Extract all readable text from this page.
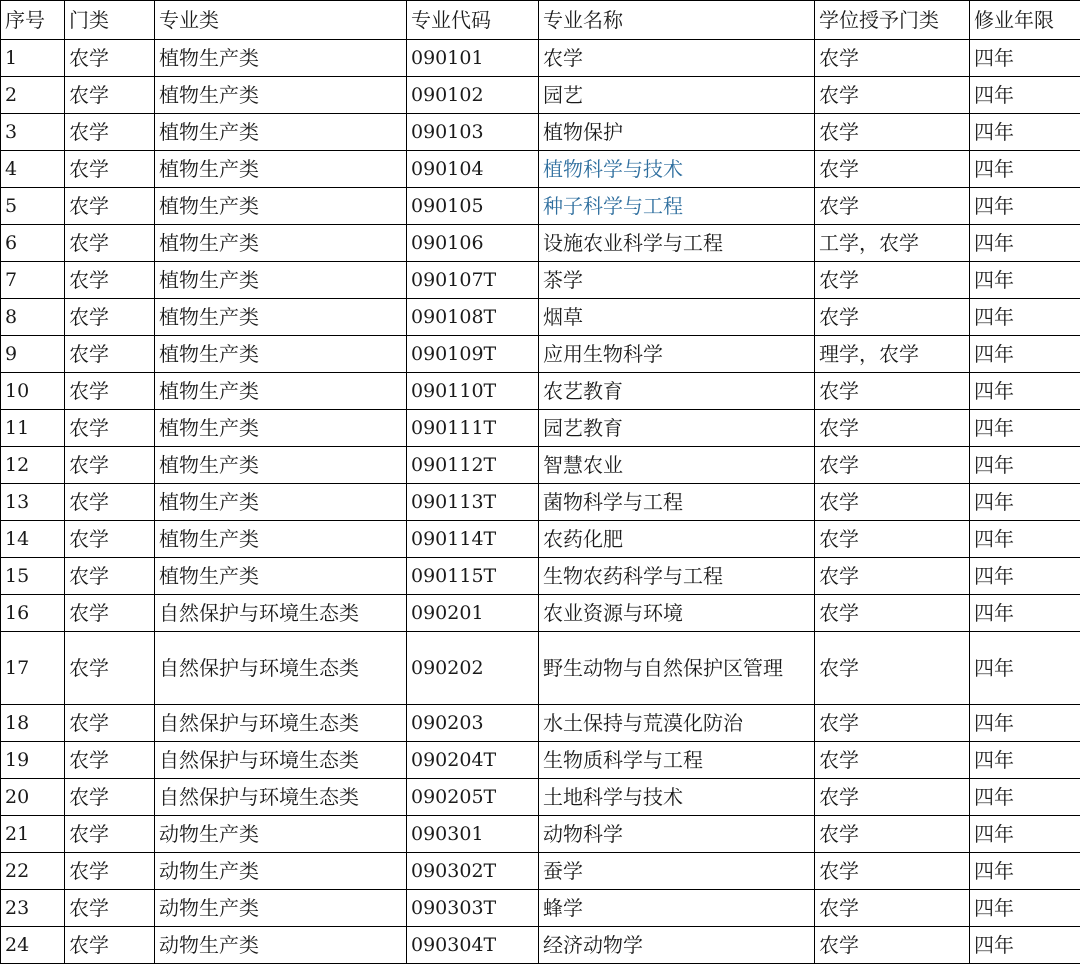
序号	门类	专业类	专业代码	专业名称	学位授予门类	修业年限
1	农学	植物生产类	090101	农学	农学	四年
2	农学	植物生产类	090102	园艺	农学	四年
3	农学	植物生产类	090103	植物保护	农学	四年
4	农学	植物生产类	090104	植物科学与技术	农学	四年
5	农学	植物生产类	090105	种子科学与工程	农学	四年
6	农学	植物生产类	090106	设施农业科学与工程	工学，农学	四年
7	农学	植物生产类	090107T	茶学	农学	四年
8	农学	植物生产类	090108T	烟草	农学	四年
9	农学	植物生产类	090109T	应用生物科学	理学，农学	四年
10	农学	植物生产类	090110T	农艺教育	农学	四年
11	农学	植物生产类	090111T	园艺教育	农学	四年
12	农学	植物生产类	090112T	智慧农业	农学	四年
13	农学	植物生产类	090113T	菌物科学与工程	农学	四年
14	农学	植物生产类	090114T	农药化肥	农学	四年
15	农学	植物生产类	090115T	生物农药科学与工程	农学	四年
16	农学	自然保护与环境生态类	090201	农业资源与环境	农学	四年
17	农学	自然保护与环境生态类	090202	野生动物与自然保护区管理	农学	四年
18	农学	自然保护与环境生态类	090203	水土保持与荒漠化防治	农学	四年
19	农学	自然保护与环境生态类	090204T	生物质科学与工程	农学	四年
20	农学	自然保护与环境生态类	090205T	土地科学与技术	农学	四年
21	农学	动物生产类	090301	动物科学	农学	四年
22	农学	动物生产类	090302T	蚕学	农学	四年
23	农学	动物生产类	090303T	蜂学	农学	四年
24	农学	动物生产类	090304T	经济动物学	农学	四年
